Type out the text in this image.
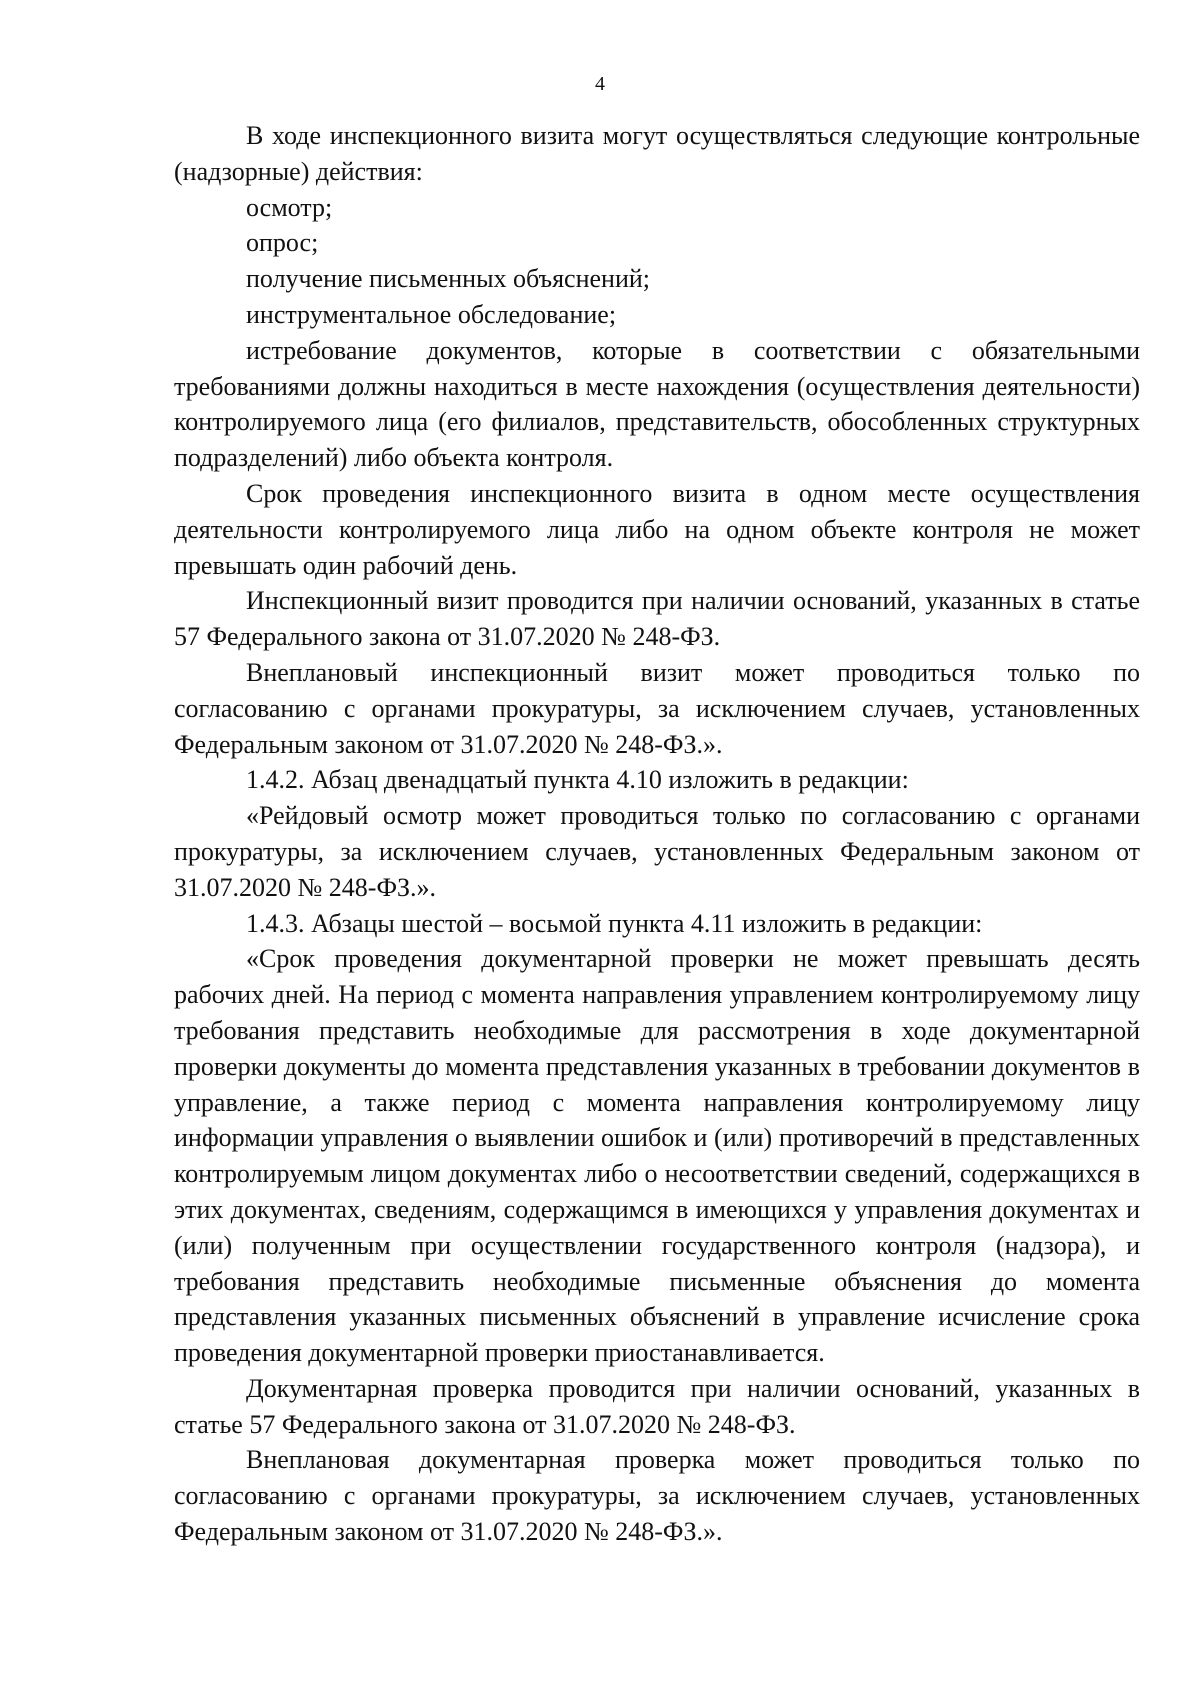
4

В ходе инспекционного визита могут осуществляться следующие контрольные (надзорные) действия:

осмотр;

опрос;

получение письменных объяснений;

инструментальное обследование;

истребование документов, которые в соответствии с обязательными требованиями должны находиться в месте нахождения (осуществления деятельности) контролируемого лица (его филиалов, представительств, обособленных структурных подразделений) либо объекта контроля.

Срок проведения инспекционного визита в одном месте осуществления деятельности контролируемого лица либо на одном объекте контроля не может превышать один рабочий день.

Инспекционный визит проводится при наличии оснований, указанных в статье 57 Федерального закона от 31.07.2020 № 248-ФЗ.

Внеплановый инспекционный визит может проводиться только по согласованию с органами прокуратуры, за исключением случаев, установленных Федеральным законом от 31.07.2020 № 248-ФЗ.».

1.4.2. Абзац двенадцатый пункта 4.10 изложить в редакции:

«Рейдовый осмотр может проводиться только по согласованию с органами прокуратуры, за исключением случаев, установленных Федеральным законом от 31.07.2020 № 248-ФЗ.».

1.4.3. Абзацы шестой – восьмой пункта 4.11 изложить в редакции:

«Срок проведения документарной проверки не может превышать десять рабочих дней. На период с момента направления управлением контролируемому лицу требования представить необходимые для рассмотрения в ходе документарной проверки документы до момента представления указанных в требовании документов в управление, а также период с момента направления контролируемому лицу информации управления о выявлении ошибок и (или) противоречий в представленных контролируемым лицом документах либо о несоответствии сведений, содержащихся в этих документах, сведениям, содержащимся в имеющихся у управления документах и (или) полученным при осуществлении государственного контроля (надзора), и требования представить необходимые письменные объяснения до момента представления указанных письменных объяснений в управление исчисление срока проведения документарной проверки приостанавливается.

Документарная проверка проводится при наличии оснований, указанных в статье 57 Федерального закона от 31.07.2020 № 248-ФЗ.

Внеплановая документарная проверка может проводиться только по согласованию с органами прокуратуры, за исключением случаев, установленных Федеральным законом от 31.07.2020 № 248-ФЗ.».
